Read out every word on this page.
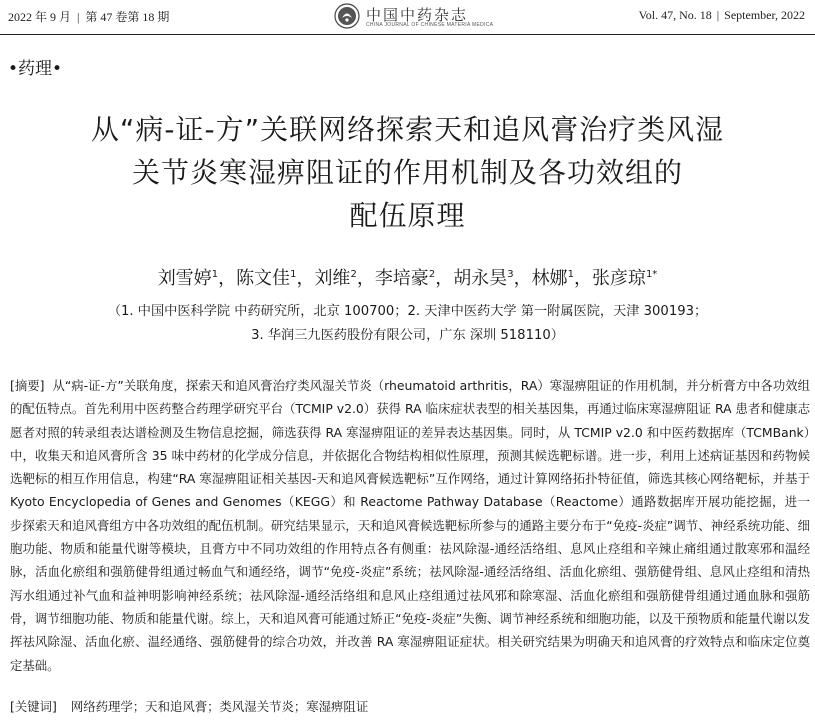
2022 年 9 月 | 第 47 卷第 18 期	中国中药杂志
CHINA JOURNAL OF CHINESE MATERIA MEDICA
Vol. 47, No. 18 | September, 2022
•药理•
从“病-证-方”关联网络探索天和追风膏治疗类风湿
关节炎寒湿痹阻证的作用机制及各功效组的
配伍原理
刘雪婷$^1$，陈文佳$^1$，刘维$^2$，李培豪$^2$，胡永昊$^3$，林娜$^1$，张彦琼$^{1*}$
（1. 中国中医科学院 中药研究所，北京 100700；2. 天津中医药大学 第一附属医院，天津 300193；
3. 华润三九医药股份有限公司，广东 深圳 518110）
[摘要] 从“病-证-方”关联角度，探索天和追风膏治疗类风湿关节炎（rheumatoid arthritis，RA）寒湿痹阻证的作用机制，并分析膏方中各功效组的配伍特点。首先利用中医药整合药理学研究平台（TCMIP v2.0）获得 RA 临床症状表型的相关基因集，再通过临床寒湿痹阻证 RA 患者和健康志愿者对照的转录组表达谱检测及生物信息挖掘，筛选获得 RA 寒湿痹阻证的差异表达基因集。同时，从 TCMIP v2.0 和中医药数据库（TCMBank）中，收集天和追风膏所含 35 味中药材的化学成分信息，并依据化合物结构相似性原理，预测其候选靶标谱。进一步，利用上述病证基因和药物候选靶标的相互作用信息，构建“RA 寒湿痹阻证相关基因-天和追风膏候选靶标”互作网络，通过计算网络拓扑特征值，筛选其核心网络靶标，并基于 Kyoto Encyclopedia of Genes and Genomes（KEGG）和 Reactome Pathway Database（Reactome）通路数据库开展功能挖掘，进一步探索天和追风膏组方中各功效组的配伍机制。研究结果显示，天和追风膏候选靶标所参与的通路主要分布于“免疫-炎症”调节、神经系统功能、细胞功能、物质和能量代谢等模块，且膏方中不同功效组的作用特点各有侧重：祛风除湿-通经活络组、息风止痉组和辛辣止痛组通过散寒邪和温经脉，活血化瘀组和强筋健骨组通过畅血气和通经络，调节“免疫-炎症”系统；祛风除湿-通经活络组、活血化瘀组、强筋健骨组、息风止痉组和清热泻水组通过补气血和益神明影响神经系统；祛风除湿-通经活络组和息风止痉组通过祛风邪和除寒湿、活血化瘀组和强筋健骨组通过通血脉和强筋骨，调节细胞功能、物质和能量代谢。综上，天和追风膏可能通过矫正“免疫-炎症”失衡、调节神经系统和细胞功能，以及干预物质和能量代谢以发挥祛风除湿、活血化瘀、温经通络、强筋健骨的综合功效，并改善 RA 寒湿痹阻证症状。相关研究结果为明确天和追风膏的疗效特点和临床定位奠定基础。
[关键词] 网络药理学；天和追风膏；类风湿关节炎；寒湿痹阻证
